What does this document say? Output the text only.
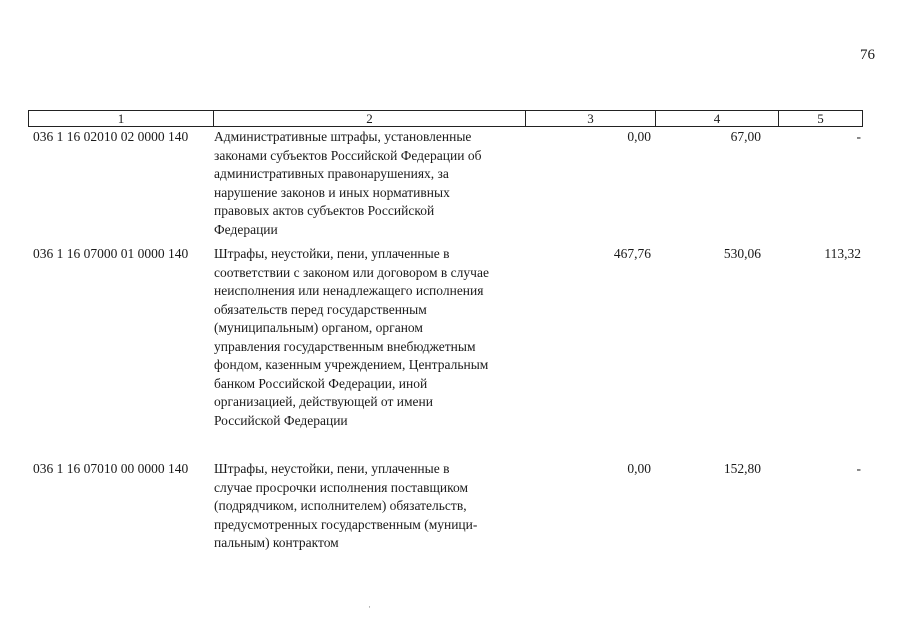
76
1	2	3	4	5
036 1 16 02010 02 0000 140	Административные штрафы, установленные
законами субъектов Российской Федерации об
административных правонарушениях, за
нарушение законов и иных нормативных
правовых актов субъектов Российской
Федерации
0,00	67,00	-
036 1 16 07000 01 0000 140	Штрафы, неустойки, пени, уплаченные в
соответствии с законом или договором в случае
неисполнения или ненадлежащего исполнения
обязательств перед государственным
(муниципальным) органом, органом
управления государственным внебюджетным
фондом, казенным учреждением, Центральным
банком Российской Федерации, иной
организацией, действующей от имени
Российской Федерации
467,76	530,06	113,32
036 1 16 07010 00 0000 140	Штрафы, неустойки, пени, уплаченные в
случае просрочки исполнения поставщиком
(подрядчиком, исполнителем) обязательств,
предусмотренных государственным (муници-
пальным) контрактом
0,00	152,80	-
·
